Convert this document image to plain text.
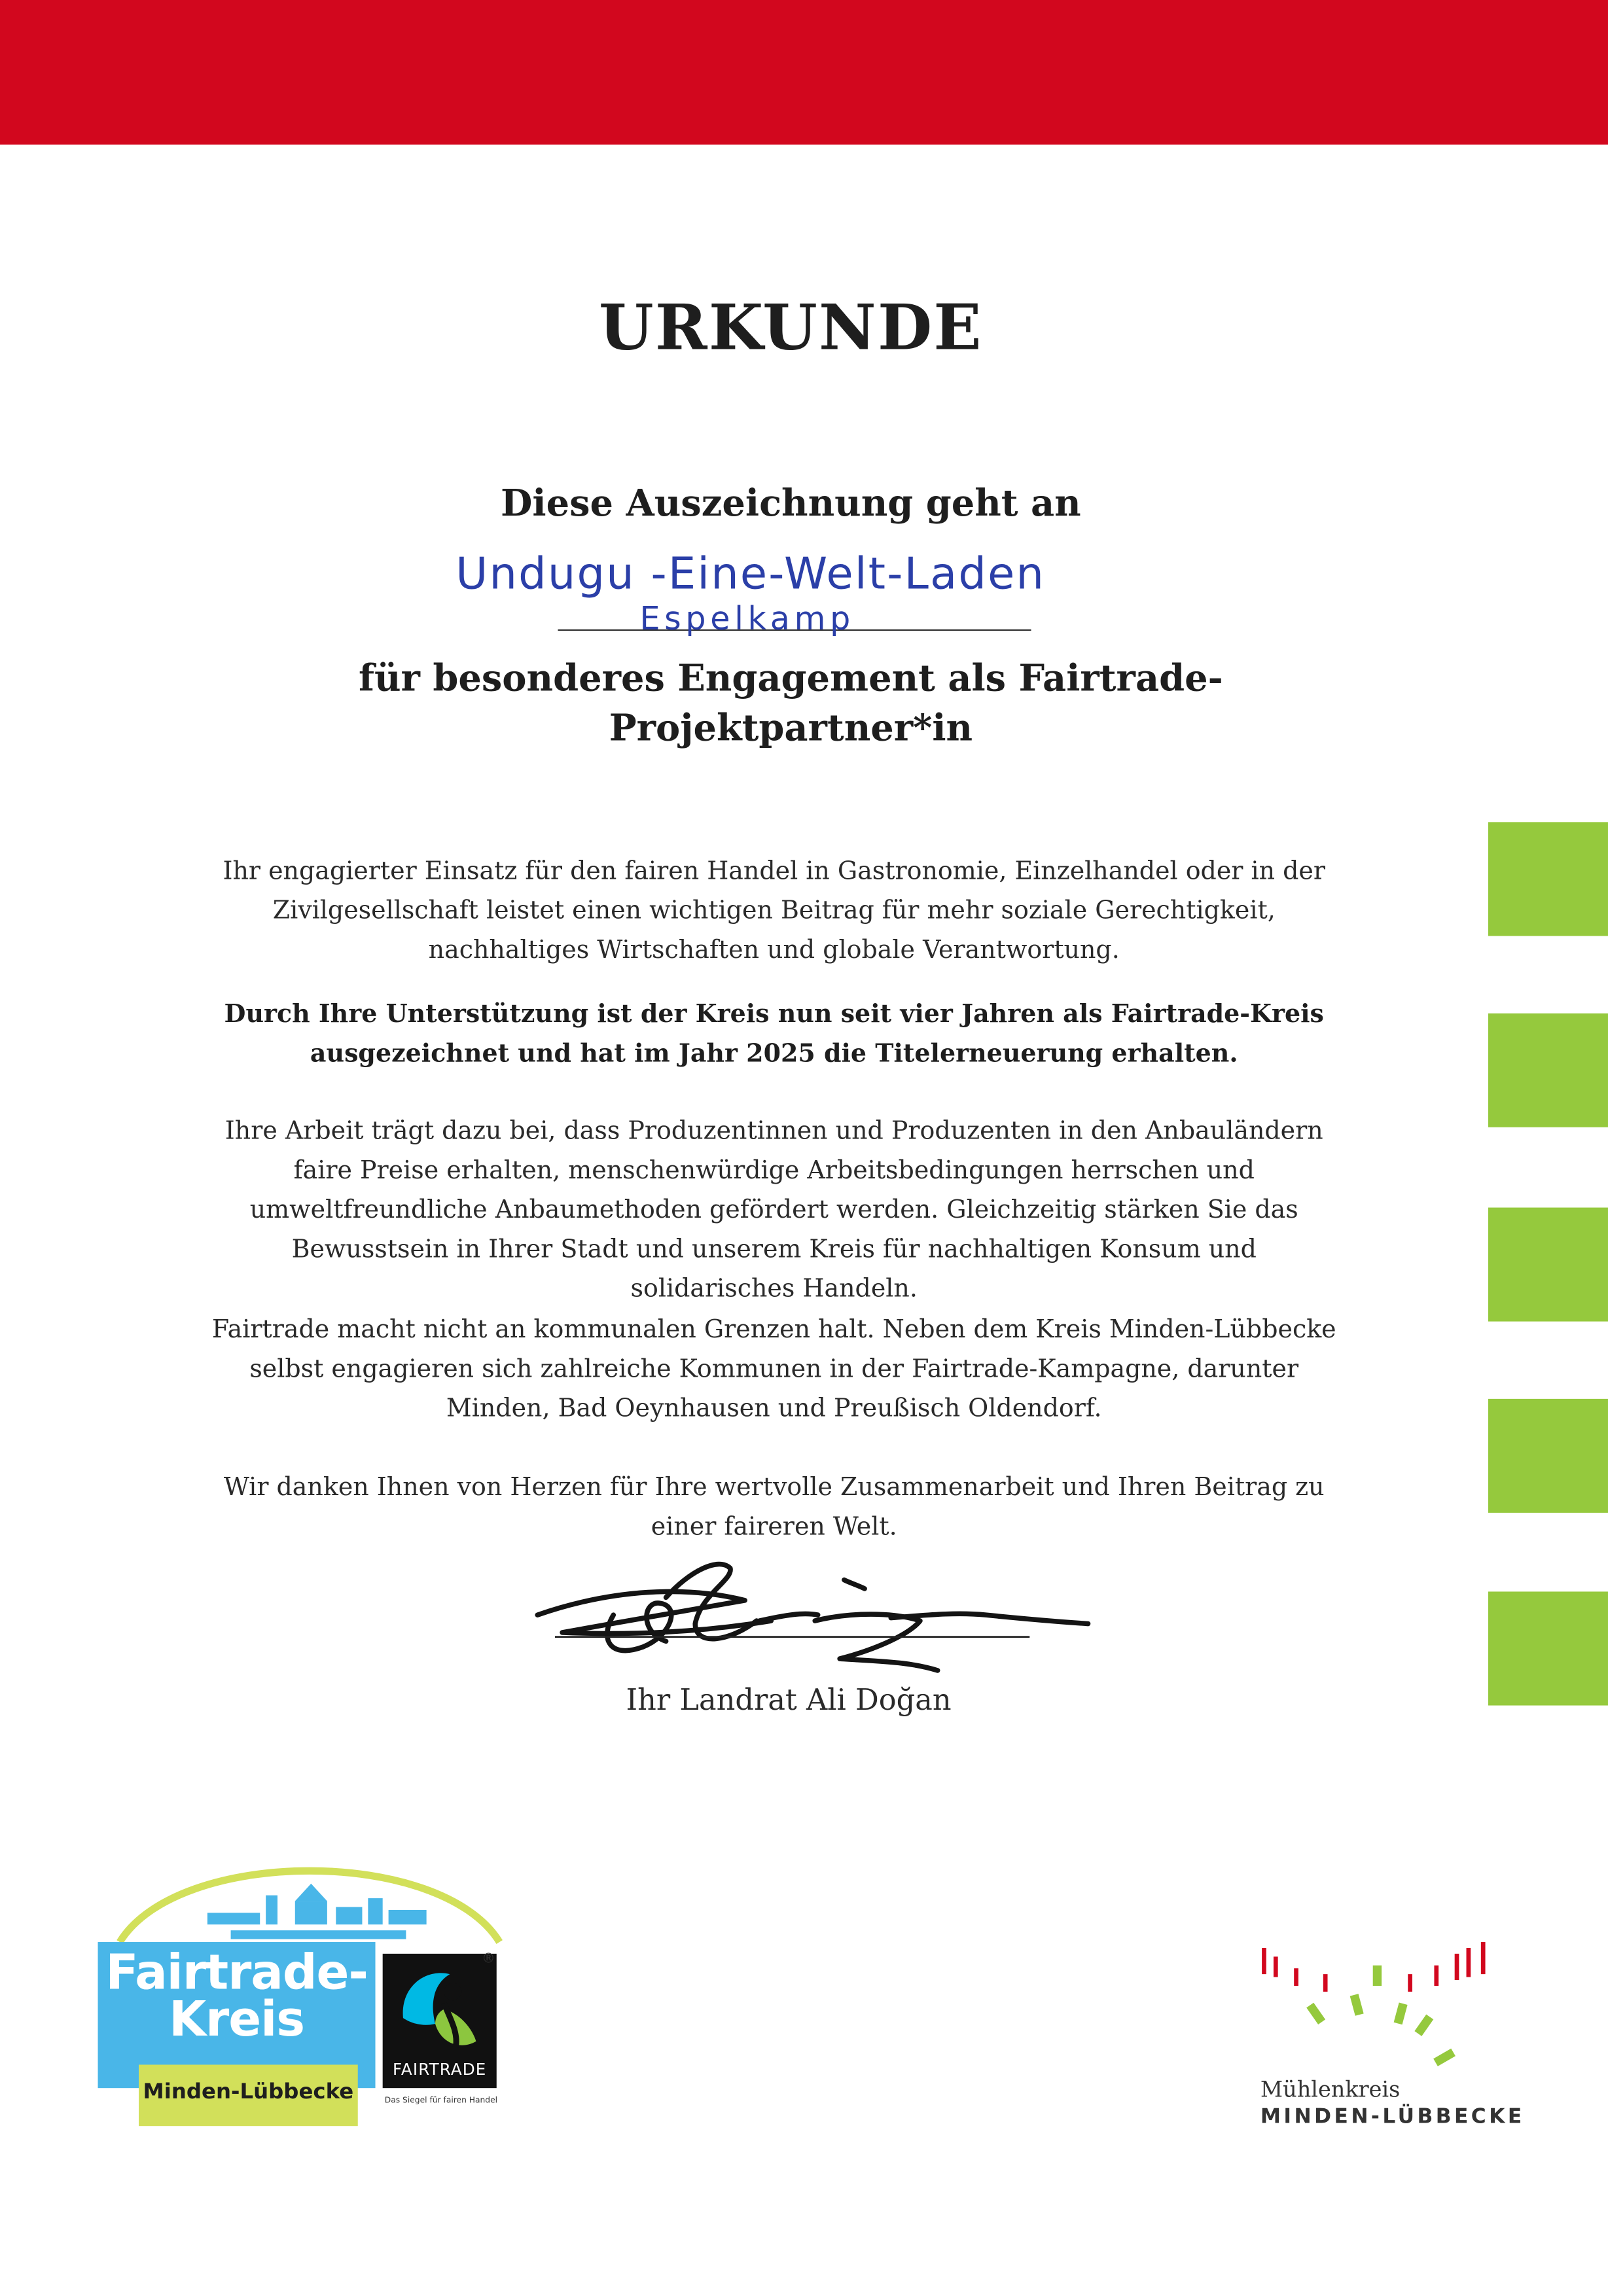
URKUNDE
Diese Auszeichnung geht an
Undugu -Eine-Welt-Laden
Espelkamp
für besonderes Engagement als Fairtrade-
Projektpartner*in
Ihr engagierter Einsatz für den fairen Handel in Gastronomie, Einzelhandel oder in der Zivilgesellschaft leistet einen wichtigen Beitrag für mehr soziale Gerechtigkeit, nachhaltiges Wirtschaften und globale Verantwortung.
Durch Ihre Unterstützung ist der Kreis nun seit vier Jahren als Fairtrade-Kreis ausgezeichnet und hat im Jahr 2025 die Titelerneuerung erhalten.
Ihre Arbeit trägt dazu bei, dass Produzentinnen und Produzenten in den Anbauländern faire Preise erhalten, menschenwürdige Arbeitsbedingungen herrschen und umweltfreundliche Anbaumethoden gefördert werden. Gleichzeitig stärken Sie das Bewusstsein in Ihrer Stadt und unserem Kreis für nachhaltigen Konsum und solidarisches Handeln.
Fairtrade macht nicht an kommunalen Grenzen halt. Neben dem Kreis Minden-Lübbecke selbst engagieren sich zahlreiche Kommunen in der Fairtrade-Kampagne, darunter Minden, Bad Oeynhausen und Preußisch Oldendorf.
Wir danken Ihnen von Herzen für Ihre wertvolle Zusammenarbeit und Ihren Beitrag zu einer faireren Welt.
Ihr Landrat Ali Doğan
Fairtrade-
Kreis
Minden-Lübbecke
®
FAIRTRADE
Das Siegel für fairen Handel	Mühlenkreis
MINDEN-LÜBBECKE
